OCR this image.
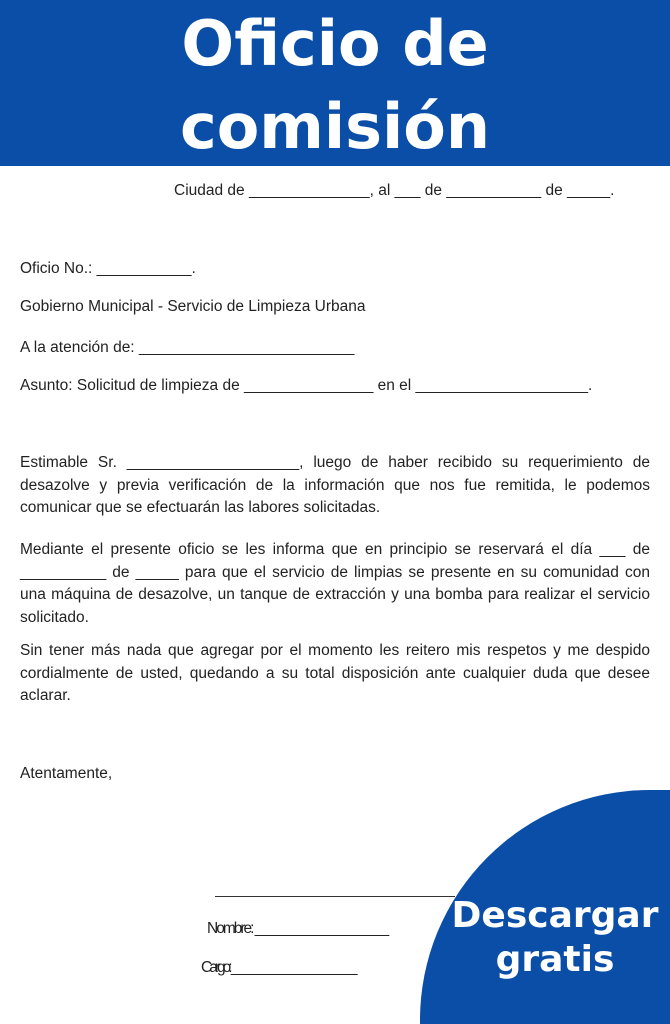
Oficio de
comisión
Ciudad de ______________, al ___ de ___________ de _____.
Oficio No.: ___________.
Gobierno Municipal - Servicio de Limpieza Urbana
A la atención de: _________________________
Asunto: Solicitud de limpieza de _______________ en el ____________________.
Estimable Sr. ____________________, luego de haber recibido su requerimiento de desazolve y previa verificación de la información que nos fue remitida, le podemos comunicar que se efectuarán las labores solicitadas.
Mediante el presente oficio se les informa que en principio se reservará el día ___ de __________ de _____ para que el servicio de limpias se presente en su comunidad con una máquina de desazolve, un tanque de extracción y una bomba para realizar el servicio solicitado.
Sin tener más nada que agregar por el momento les reitero mis respetos y me despido cordialmente de usted, quedando a su total disposición ante cualquier duda que desee aclarar.
Atentamente,
Nombre: ____________________
Cargo: ______________________
Descargar
gratis
